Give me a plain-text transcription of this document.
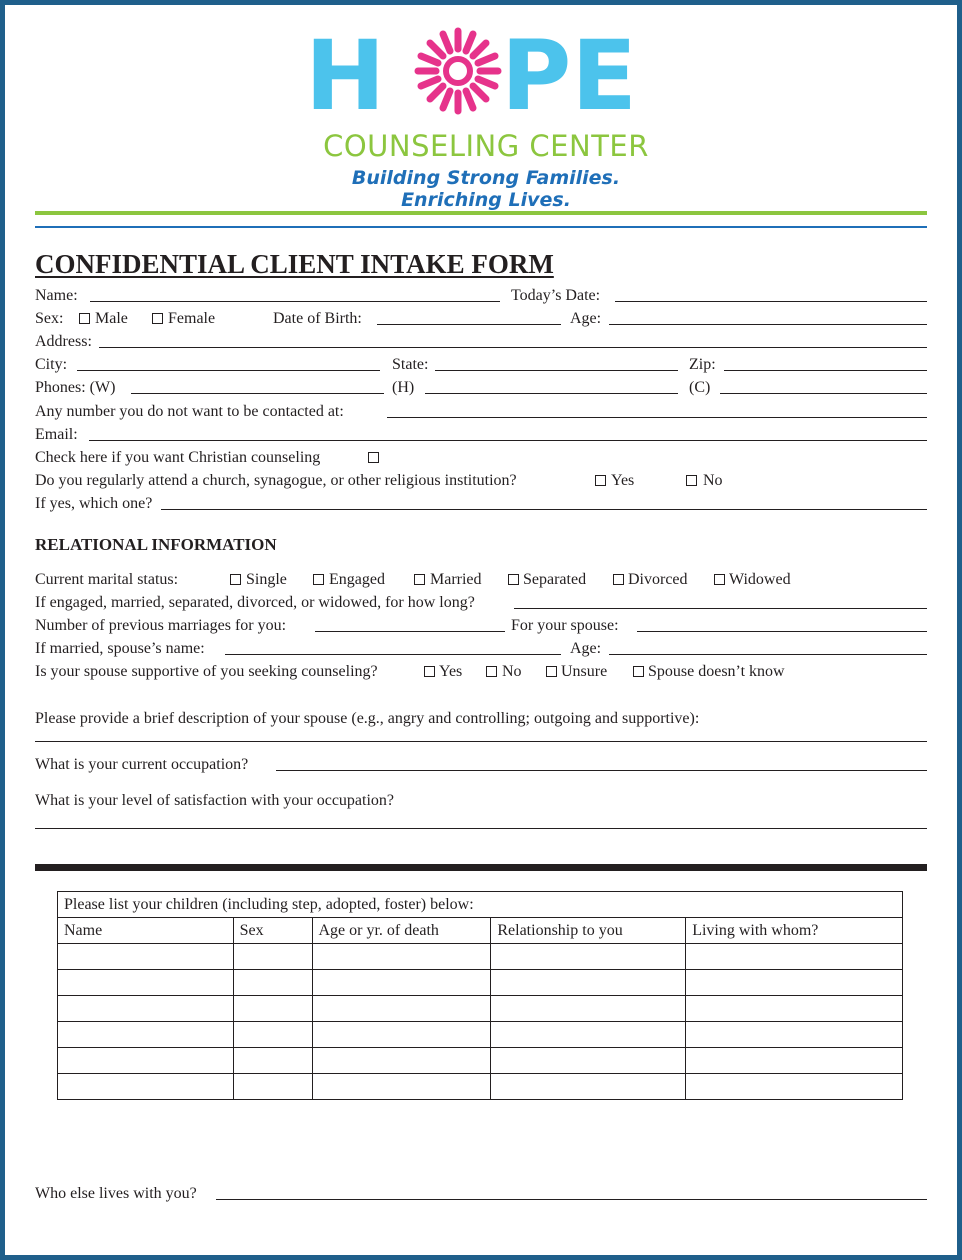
H PE
COUNSELING CENTER
Building Strong Families. Enriching Lives.
CONFIDENTIAL CLIENT INTAKE FORM
Name:	Today’s Date:
Sex: Male	Female	Date of Birth:	Age:
Address:
City:	State:	Zip:
Phones: (W)	(H)	(C)
Any number you do not want to be contacted at:
Email:
Check here if you want Christian counseling
Do you regularly attend a church, synagogue, or other religious institution?	Yes	No
If yes, which one?
RELATIONAL INFORMATION
Current marital status:	Single	Engaged	Married	Separated	Divorced	Widowed
If engaged, married, separated, divorced, or widowed, for how long?
Number of previous marriages for you:	For your spouse:
If married, spouse’s name:	Age:
Is your spouse supportive of you seeking counseling?	Yes No Unsure	Spouse doesn’t know
Please provide a brief description of your spouse (e.g., angry and controlling; outgoing and supportive):
What is your current occupation?
What is your level of satisfaction with your occupation?
Please list your children (including step, adopted, foster) below:				
Name	Sex	Age or yr. of death	Relationship to you	Living with whom?

Who else lives with you?
